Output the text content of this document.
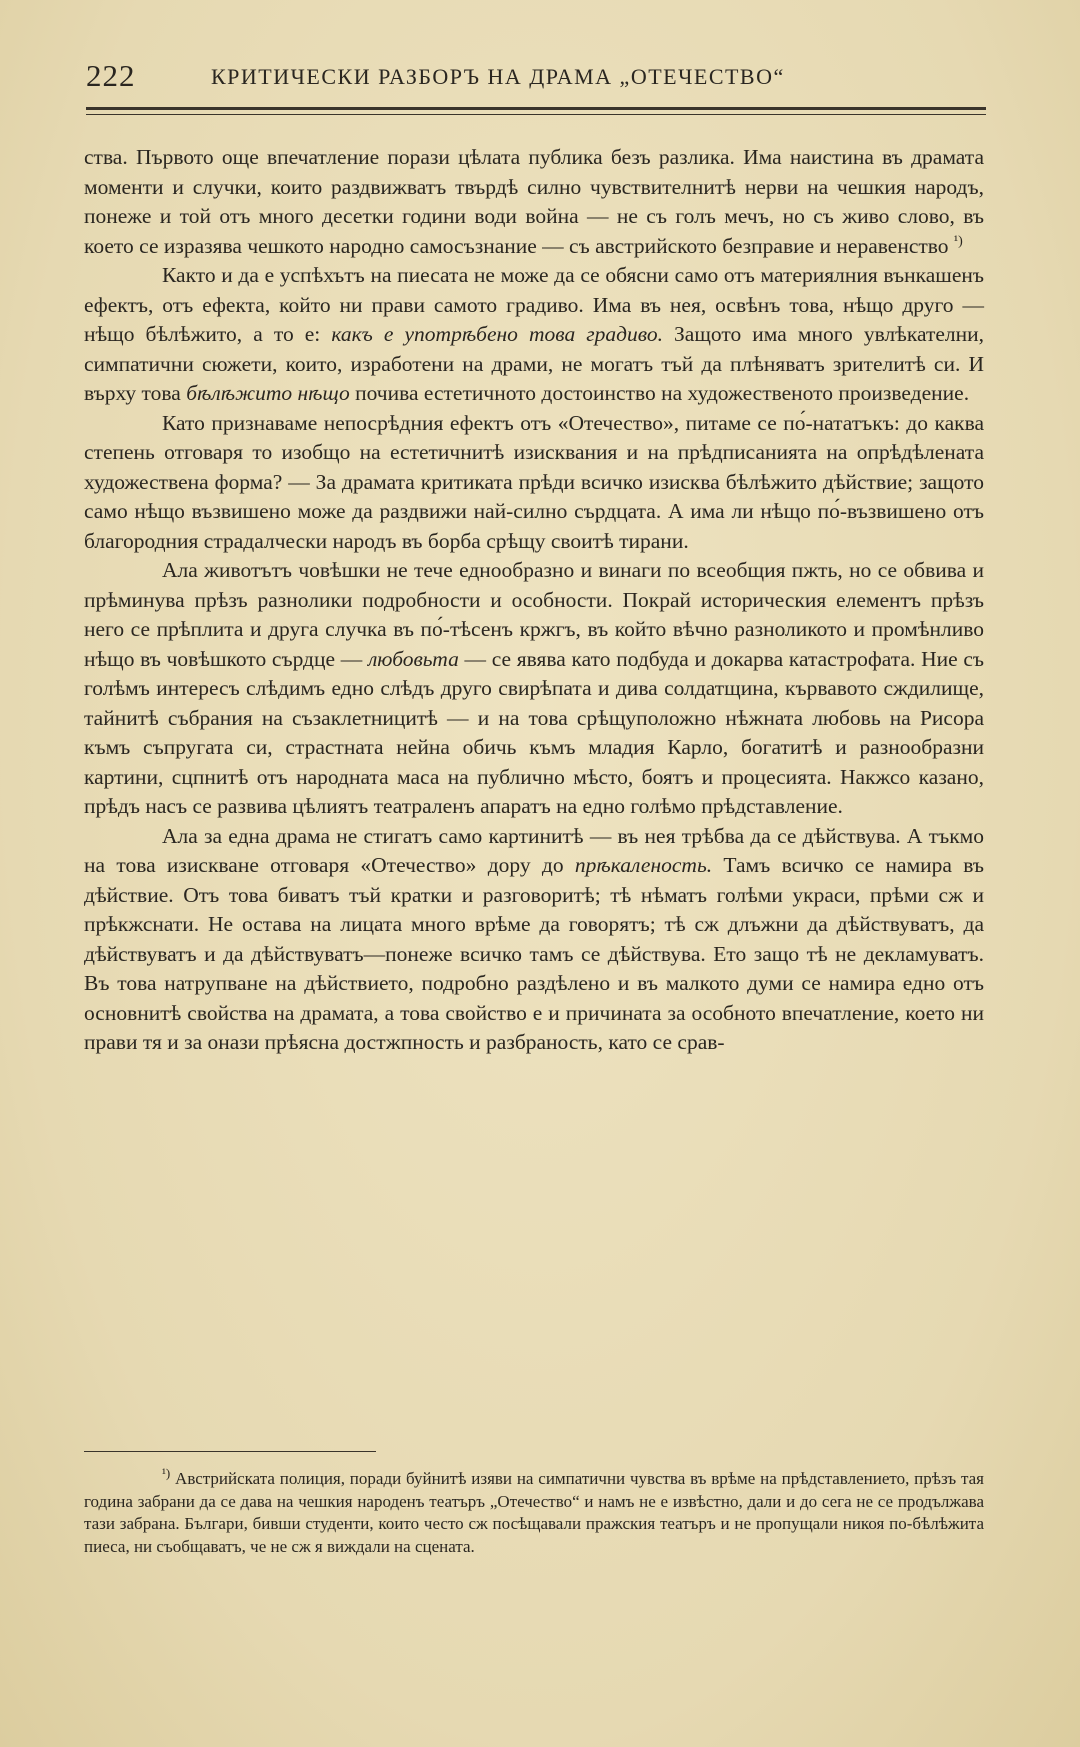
222	КРИТИЧЕСКИ РАЗБОРЪ НА ДРАМА „ОТЕЧЕСТВО“

ства. Първото още впечатление порази цѣлата публика безъ разлика. Има наистина въ драмата моменти и случки, които раздвижватъ твърдѣ силно чувствителнитѣ нерви на чешкия народъ, понеже и той отъ много десетки години води война — не съ голъ мечъ, но съ живо слово, въ което се изразява чешкото народно самосъзнание — съ австрийското безправие и неравенство $^{^1)}$

Както и да е успѣхътъ на пиесата не може да се обясни само отъ материялния вънкашенъ ефектъ, отъ ефекта, който ни прави самото градиво. Има въ нея, освѣнъ това, нѣщо друго — нѣщо бѣлѣжито, а то е: какъ е употрѣбено това градиво. Защото има много увлѣкателни, симпатични сюжети, които, изработени на драми, не могатъ тъй да плѣняватъ зрителитѣ си. И върху това бѣлѣжито нѣщо почива естетичното достоинство на художественото произведение.

Като признаваме непосрѣдния ефектъ отъ «Отечество», питаме се по́-нататъкъ: до каква степень отговаря то изобщо на естетичнитѣ изисквания и на прѣдписанията на опрѣдѣлената художествена форма? — За драмата критиката прѣди всичко изисква бѣлѣжито дѣйствие; защото само нѣщо възвишено може да раздвижи най-силно сърдцата. А има ли нѣщо по́-възвишено отъ благородния страдалчески народъ въ борба срѣщу своитѣ тирани.

Ала животътъ човѣшки не тече еднообразно и винаги по всеобщия пжть, но се обвива и прѣминува прѣзъ разнолики подробности и особности. Покрай историческия елементъ прѣзъ него се прѣплита и друга случка въ по́-тѣсенъ кржгъ, въ който вѣчно разноликото и промѣнливо нѣщо въ човѣшкото сърдце — любовьта — се явява като подбуда и докарва катастрофата. Ние съ голѣмъ интересъ слѣдимъ едно слѣдъ друго свирѣпата и дива солдатщина, кървавото сждилище, тайнитѣ събрания на съзаклетницитѣ — и на това срѣщуположно нѣжната любовь на Рисора къмъ съпругата си, страстната нейна обичь къмъ младия Карло, богатитѣ и разнообразни картини, сцпнитѣ отъ народната маса на публично мѣсто, боятъ и процесията. Накжсо казано, прѣдъ насъ се развива цѣлиятъ театраленъ апаратъ на едно голѣмо прѣдставление.

Ала за една драма не стигатъ само картинитѣ — въ нея трѣбва да се дѣйствува. А тъкмо на това изискване отговаря «Отечество» дору до прѣкаленость. Тамъ всичко се намира въ дѣйствие. Отъ това биватъ тъй кратки и разговоритѣ; тѣ нѣматъ голѣми украси, прѣми сж и прѣкжснати. Не остава на лицата много врѣме да говорятъ; тѣ сж длъжни да дѣйствуватъ, да дѣйствуватъ и да дѣйствуватъ—понеже всичко тамъ се дѣйствува. Ето защо тѣ не декламуватъ. Въ това натрупване на дѣйствието, подробно раздѣлено и въ малкото думи се намира едно отъ основнитѣ свойства на драмата, а това свойство е и причината за особното впечатление, което ни прави тя и за онази прѣясна достжпность и разбраность, като се срав-

$^{^1)}$ Австрийската полиция, поради буйнитѣ изяви на симпатични чувства въ врѣме на прѣдставлението, прѣзъ тая година забрани да се дава на чешкия народенъ театъръ „Отечество“ и намъ не е извѣстно, дали и до сега не се продължава тази забрана. Българи, бивши студенти, които често сж посѣщавали пражския театъръ и не пропущали никоя по-бѣлѣжита пиеса, ни съобщаватъ, че не сж я виждали на сцената.
